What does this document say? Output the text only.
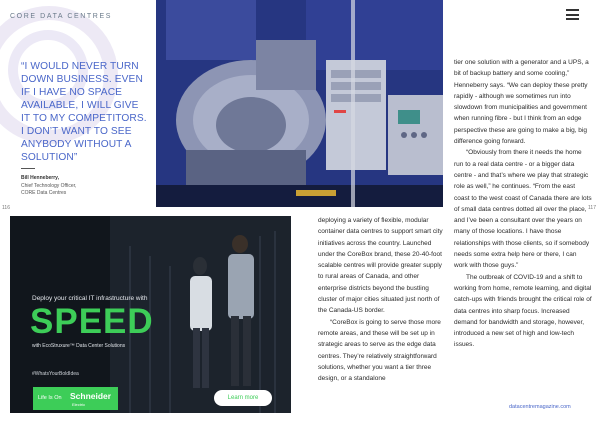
CORE DATA CENTRES
“I WOULD NEVER TURN DOWN BUSINESS. EVEN IF I HAVE NO SPACE AVAILABLE, I WILL GIVE IT TO MY COMPETITORS. I DON’T WANT TO SEE ANYBODY WITHOUT A SOLUTION”
Bill Henneberry,
Chief Technology Officer,
CORE Data Centres
116	117
Deploy your critical IT infrastructure with
SPEED
with EcoStruxure™ Data Center Solutions
#WhatsYourBoldIdea
Life Is On Schneider
Electric
Learn more

deploying a variety of flexible, modular container data centres to support smart city initiatives across the country. Launched under the CoreBox brand, these 20-40-foot scalable centres will provide greater supply to rural areas of Canada, and other enterprise districts beyond the bustling cluster of major cities situated just north of the Canada-US border.

“CoreBox is going to serve those more remote areas, and these will be set up in strategic areas to serve as the edge data centres. They’re relatively straightforward solutions, whether you want a tier three design, or a standalone

tier one solution with a generator and a UPS, a bit of backup battery and some cooling,” Henneberry says. “We can deploy these pretty rapidly - although we sometimes run into slowdown from municipalities and government when running fibre - but I think from an edge perspective these are going to make a big, big difference going forward.

“Obviously from there it needs the home run to a real data centre - or a bigger data centre - and that’s where we play that strategic role as well,” he continues. “From the east coast to the west coast of Canada there are lots of small data centres dotted all over the place, and I’ve been a consultant over the years on many of those locations. I have those relationships with those clients, so if somebody needs some extra help here or there, I can work with those guys.”

The outbreak of COVID-19 and a shift to working from home, remote learning, and digital catch-ups with friends brought the critical role of data centres into sharp focus. Increased demand for bandwidth and storage, however, introduced a new set of high and low-tech issues.

datacentremagazine.com
